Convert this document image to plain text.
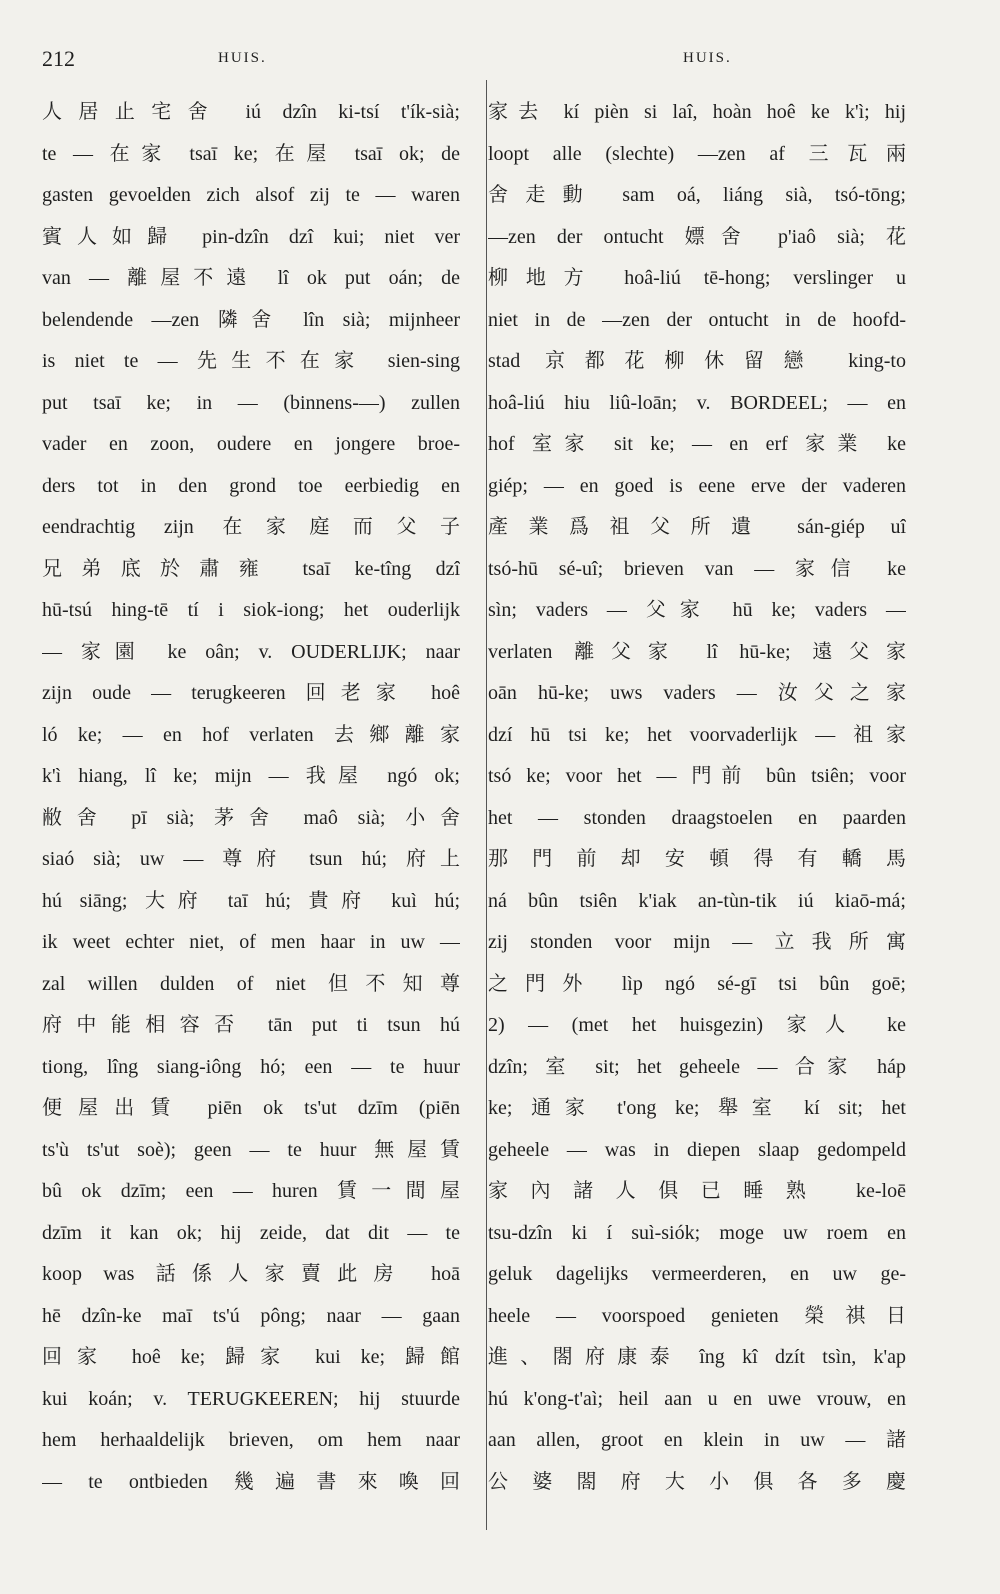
212	HUIS.	HUIS.
人居止宅舍 iú dzîn ki-tsí t'ík-sià;
te — 在家 tsaī ke; 在屋 tsaī ok; de
gasten gevoelden zich alsof zij te — waren
賓人如歸 pin-dzîn dzî kui; niet ver
van — 離屋不遠 lî ok put oán; de
belendende —zen 隣舍 lîn sià; mijnheer
is niet te — 先生不在家 sien-sing
put tsaī ke; in — (binnens-—) zullen
vader en zoon, oudere en jongere broe-
ders tot in den grond toe eerbiedig en
eendrachtig zijn 在家庭而父子
兄弟底於肅雍 tsaī ke-tîng dzî
hū-tsú hing-tē tí i siok-iong; het ouderlijk
— 家園 ke oân; v. OUDERLIJK; naar
zijn oude — terugkeeren 回老家 hoê
ló ke; — en hof verlaten 去鄉離家
k'ì hiang, lî ke; mijn — 我屋 ngó ok;
敝舍 pī sià; 茅舍 maô sià; 小舍
siaó sià; uw — 尊府 tsun hú; 府上
hú siāng; 大府 taī hú; 貴府 kuì hú;
ik weet echter niet, of men haar in uw —
zal willen dulden of niet 但不知尊
府中能相容否 tān put ti tsun hú
tiong, lîng siang-iông hó; een — te huur
便屋出賃 piēn ok ts'ut dzīm (piēn
ts'ù ts'ut soè); geen — te huur 無屋賃
bû ok dzīm; een — huren 賃一間屋
dzīm it kan ok; hij zeide, dat dit — te
koop was 話係人家賣此房 hoā
hē dzîn-ke maī ts'ú pông; naar — gaan
回家 hoê ke; 歸家 kui ke; 歸館
kui koán; v. TERUGKEEREN; hij stuurde
hem herhaaldelijk brieven, om hem naar
— te ontbieden 幾遍書來喚回
家去 kí pièn si laî, hoàn hoê ke k'ì; hij
loopt alle (slechte) —zen af 三瓦兩
舍走動 sam oá, liáng sià, tsó-tōng;
—zen der ontucht 嫖舍 p'iaô sià; 花
柳地方 hoâ-liú tē-hong; verslinger u
niet in de —zen der ontucht in de hoofd-
stad 京都花柳休留戀 king-to
hoâ-liú hiu liû-loān; v. BORDEEL; — en
hof 室家 sit ke; — en erf 家業 ke
giép; — en goed is eene erve der vaderen
產業爲祖父所遺 sán-giép uî
tsó-hū sé-uî; brieven van — 家信 ke
sìn; vaders — 父家 hū ke; vaders —
verlaten 離父家 lî hū-ke; 遠父家
oān hū-ke; uws vaders — 汝父之家
dzí hū tsi ke; het voorvaderlijk — 祖家
tsó ke; voor het — 門前 bûn tsiên; voor
het — stonden draagstoelen en paarden
那門前却安頓得有轎馬
ná bûn tsiên k'iak an-tùn-tik iú kiaō-má;
zij stonden voor mijn — 立我所寓
之門外 lìp ngó sé-gī tsi bûn goē;
2) — (met het huisgezin) 家人 ke
dzîn; 室 sit; het geheele — 合家 háp
ke; 通家 t'ong ke; 舉室 kí sit; het
geheele — was in diepen slaap gedompeld
家內諸人俱已睡熟 ke-loē
tsu-dzîn ki í suì-siók; moge uw roem en
geluk dagelijks vermeerderen, en uw ge-
heele — voorspoed genieten 榮祺日
進、閤府康泰 îng kî dzít tsìn, k'ap
hú k'ong-t'aì; heil aan u en uwe vrouw, en
aan allen, groot en klein in uw — 諸
公婆閤府大小俱各多慶
